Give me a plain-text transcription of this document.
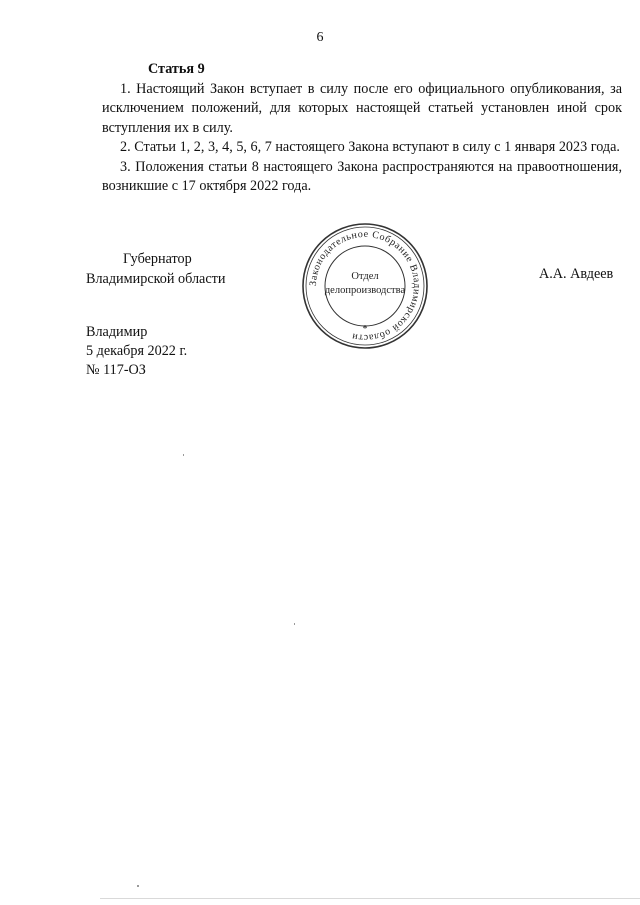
6

Статья 9

1. Настоящий Закон вступает в силу после его официального опубликования, за исключением положений, для которых настоящей статьей установлен иной срок вступления их в силу.

2. Статьи 1, 2, 3, 4, 5, 6, 7 настоящего Закона вступают в силу с 1 января 2023 года.

3. Положения статьи 8 настоящего Закона распространяются на правоотношения, возникшие с 17 октября 2022 года.

Губернатор
Владимирской области	Законодательное Собрание Владимирской области
Отдел
делопроизводства
*
А.А. Авдеев
Владимир
5 декабря 2022 г.
№ 117-ОЗ
